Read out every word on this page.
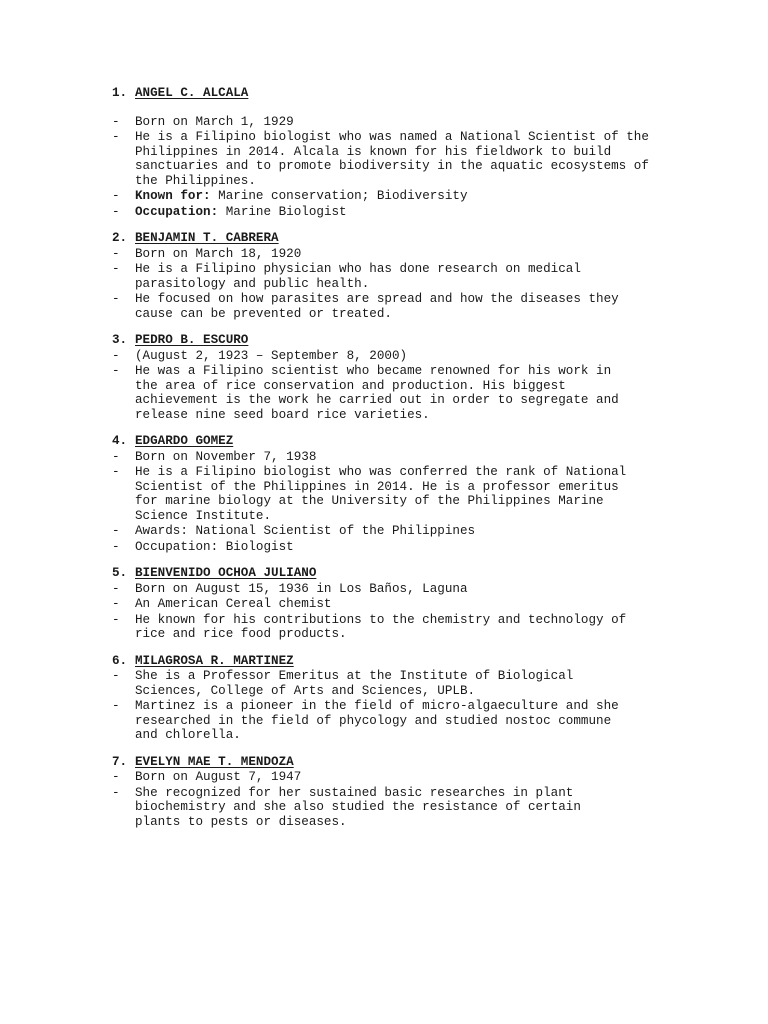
1. ANGEL C. ALCALA
- Born on March 1, 1929
- He is a Filipino biologist who was named a National Scientist of the
Philippines in 2014. Alcala is known for his fieldwork to build
sanctuaries and to promote biodiversity in the aquatic ecosystems of
the Philippines.
- Known for: Marine conservation; Biodiversity
- Occupation: Marine Biologist
2. BENJAMIN T. CABRERA
- Born on March 18, 1920
- He is a Filipino physician who has done research on medical
parasitology and public health.
- He focused on how parasites are spread and how the diseases they
cause can be prevented or treated.
3. PEDRO B. ESCURO
- (August 2, 1923 – September 8, 2000)
- He was a Filipino scientist who became renowned for his work in
the area of rice conservation and production. His biggest
achievement is the work he carried out in order to segregate and
release nine seed board rice varieties.
4. EDGARDO GOMEZ
- Born on November 7, 1938
- He is a Filipino biologist who was conferred the rank of National
Scientist of the Philippines in 2014. He is a professor emeritus
for marine biology at the University of the Philippines Marine
Science Institute.
- Awards: National Scientist of the Philippines
- Occupation: Biologist
5. BIENVENIDO OCHOA JULIANO
- Born on August 15, 1936 in Los Baños, Laguna
- An American Cereal chemist
- He known for his contributions to the chemistry and technology of
rice and rice food products.
6. MILAGROSA R. MARTINEZ
- She is a Professor Emeritus at the Institute of Biological
Sciences, College of Arts and Sciences, UPLB.
- Martinez is a pioneer in the field of micro-algaeculture and she
researched in the field of phycology and studied nostoc commune
and chlorella.
7. EVELYN MAE T. MENDOZA
- Born on August 7, 1947
- She recognized for her sustained basic researches in plant
biochemistry and she also studied the resistance of certain
plants to pests or diseases.
